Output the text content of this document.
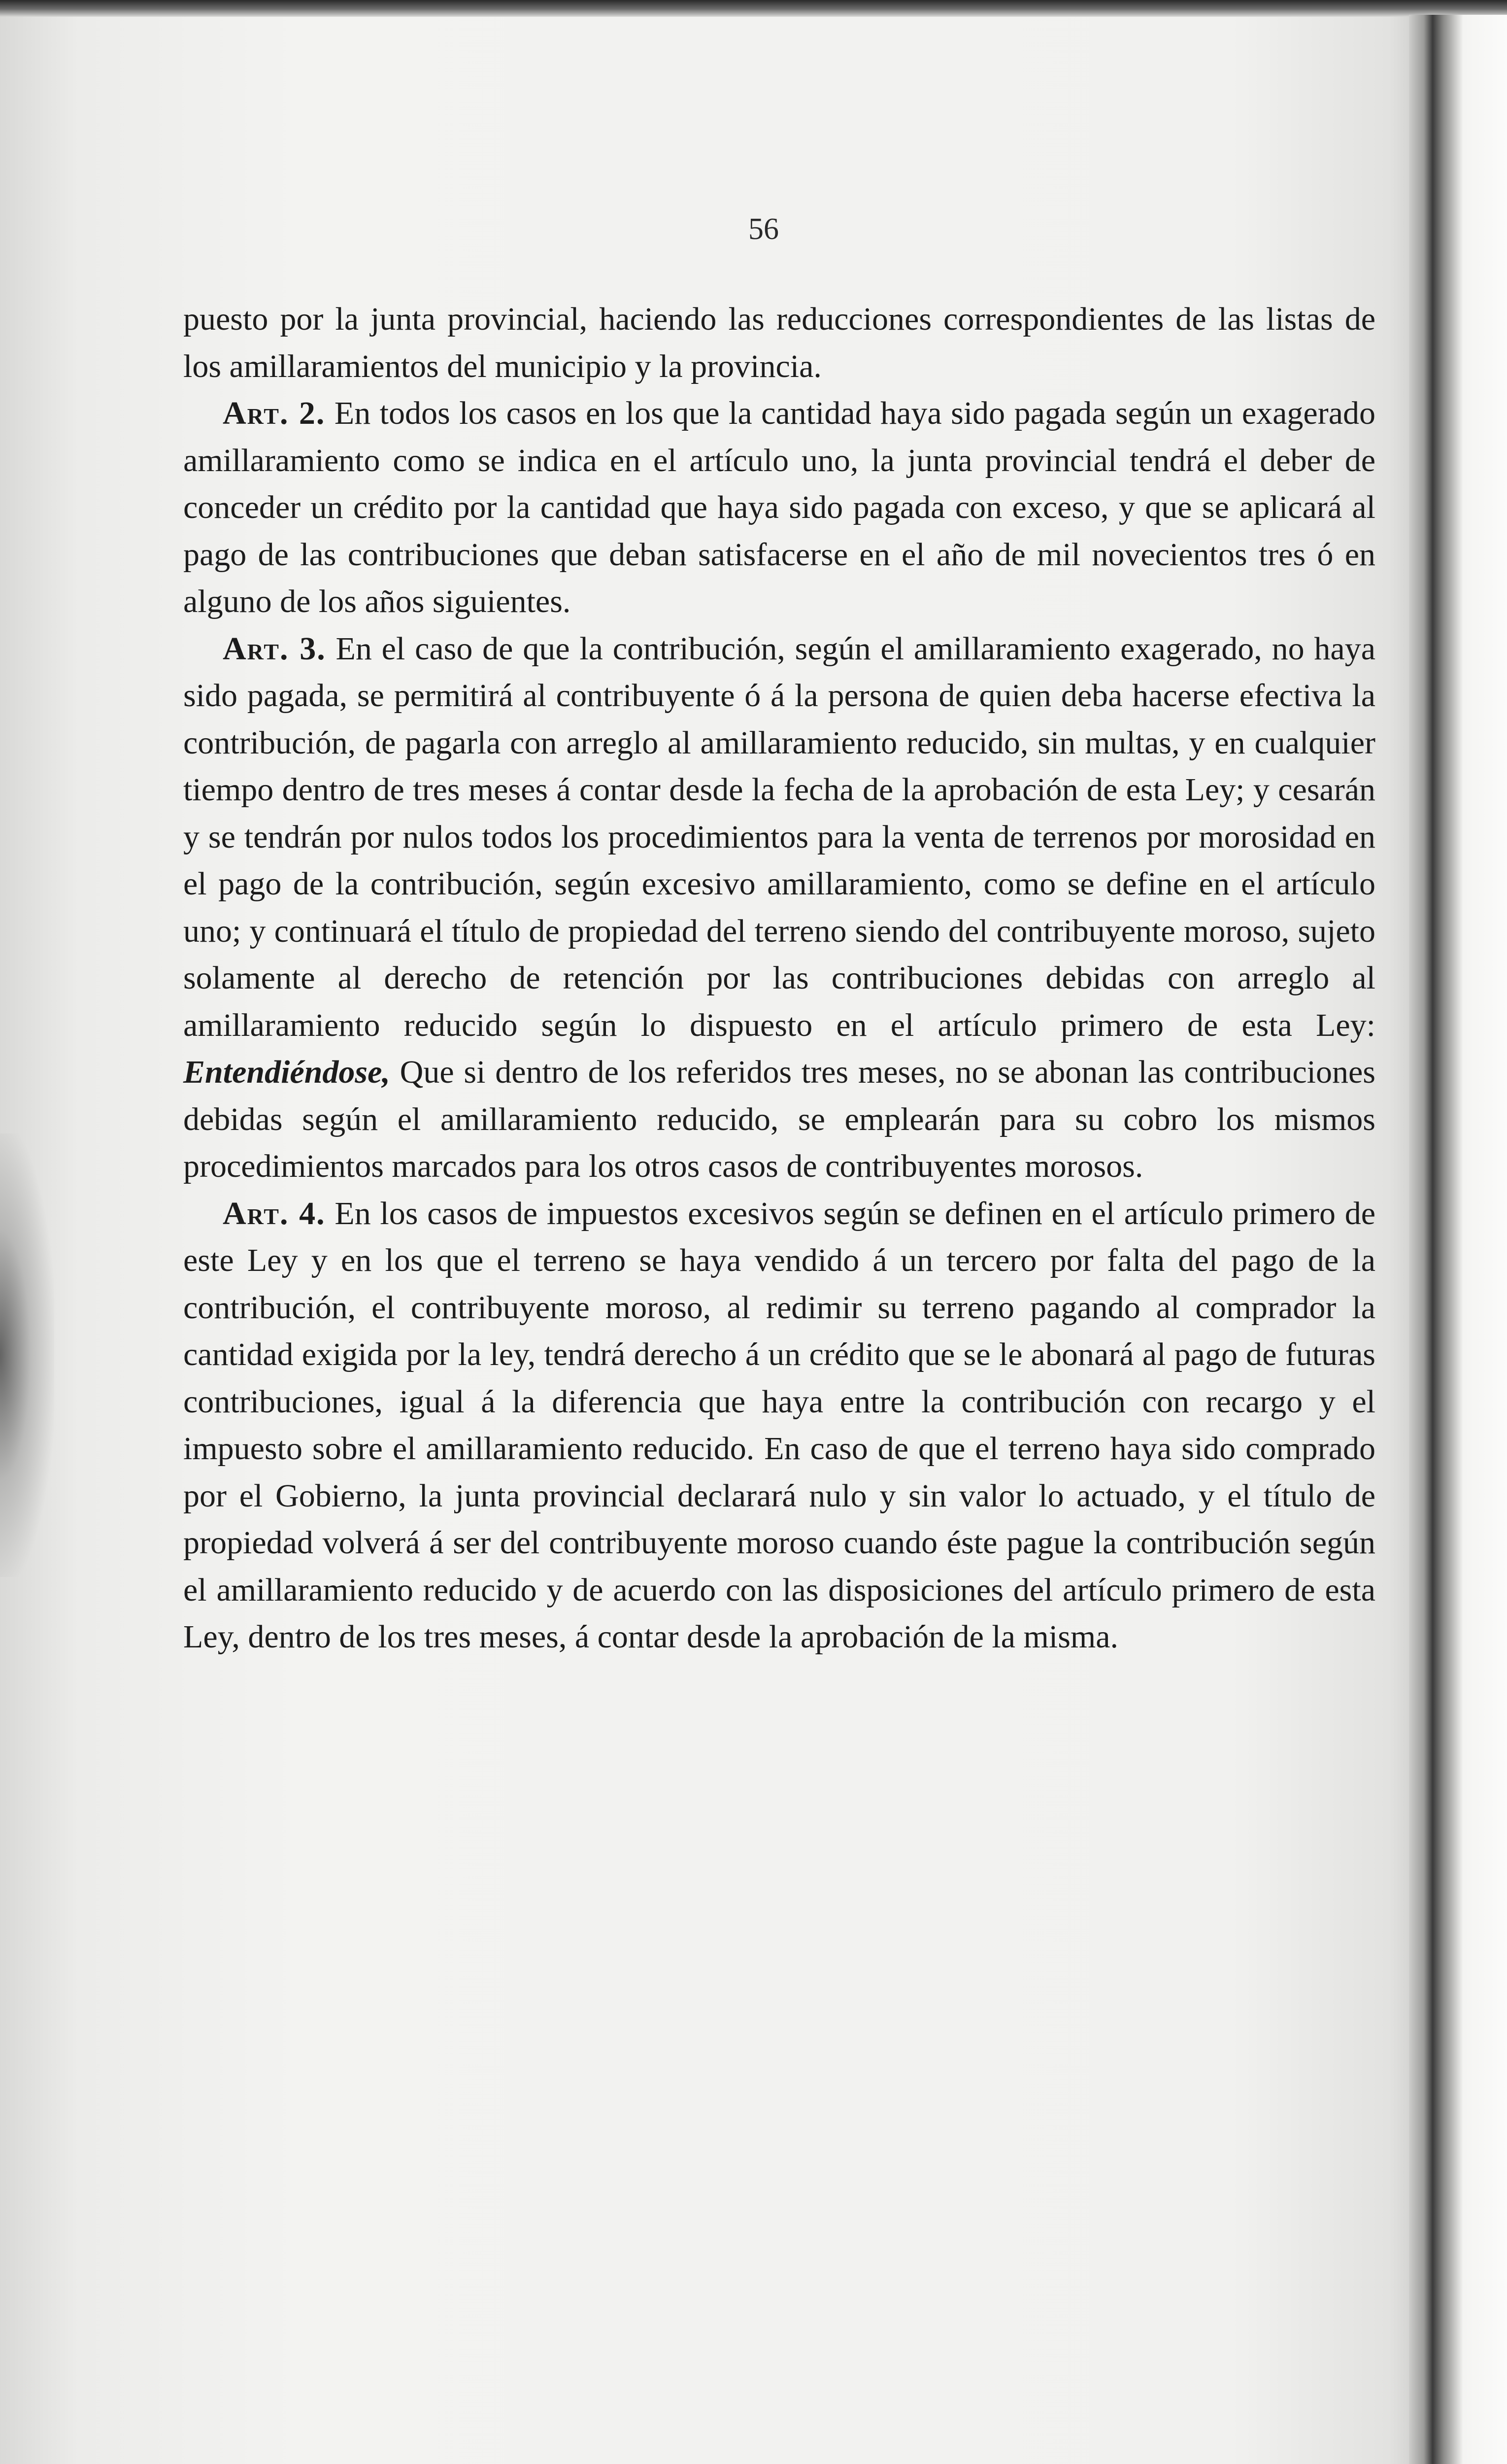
56

puesto por la junta provincial, haciendo las reducciones correspondientes de las listas de los amillaramientos del municipio y la provincia.

Art. 2. En todos los casos en los que la cantidad haya sido pagada según un exagerado amillaramiento como se indica en el artículo uno, la junta provincial tendrá el deber de conceder un crédito por la cantidad que haya sido pagada con exceso, y que se aplicará al pago de las contribuciones que deban satisfacerse en el año de mil novecientos tres ó en alguno de los años siguientes.

Art. 3. En el caso de que la contribución, según el amillaramiento exagerado, no haya sido pagada, se permitirá al contribuyente ó á la persona de quien deba hacerse efectiva la contribución, de pagarla con arreglo al amillaramiento reducido, sin multas, y en cualquier tiempo dentro de tres meses á contar desde la fecha de la aprobación de esta Ley; y cesarán y se tendrán por nulos todos los procedimientos para la venta de terrenos por morosidad en el pago de la contribución, según excesivo amillaramiento, como se define en el artículo uno; y continuará el título de propiedad del terreno siendo del contribuyente moroso, sujeto solamente al derecho de retención por las contribuciones debidas con arreglo al amillaramiento reducido según lo dispuesto en el artículo primero de esta Ley: Entendiéndose, Que si dentro de los referidos tres meses, no se abonan las contribuciones debidas según el amillaramiento reducido, se emplearán para su cobro los mismos procedimientos marcados para los otros casos de contribuyentes morosos.

Art. 4. En los casos de impuestos excesivos según se definen en el artículo primero de este Ley y en los que el terreno se haya vendido á un tercero por falta del pago de la contribución, el contribuyente moroso, al redimir su terreno pagando al comprador la cantidad exigida por la ley, tendrá derecho á un crédito que se le abonará al pago de futuras contribuciones, igual á la diferencia que haya entre la contribución con recargo y el impuesto sobre el amillaramiento reducido. En caso de que el terreno haya sido comprado por el Gobierno, la junta provincial declarará nulo y sin valor lo actuado, y el título de propiedad volverá á ser del contribuyente moroso cuando éste pague la contribución según el amillaramiento reducido y de acuerdo con las disposiciones del artículo primero de esta Ley, dentro de los tres meses, á contar desde la aprobación de la misma.
